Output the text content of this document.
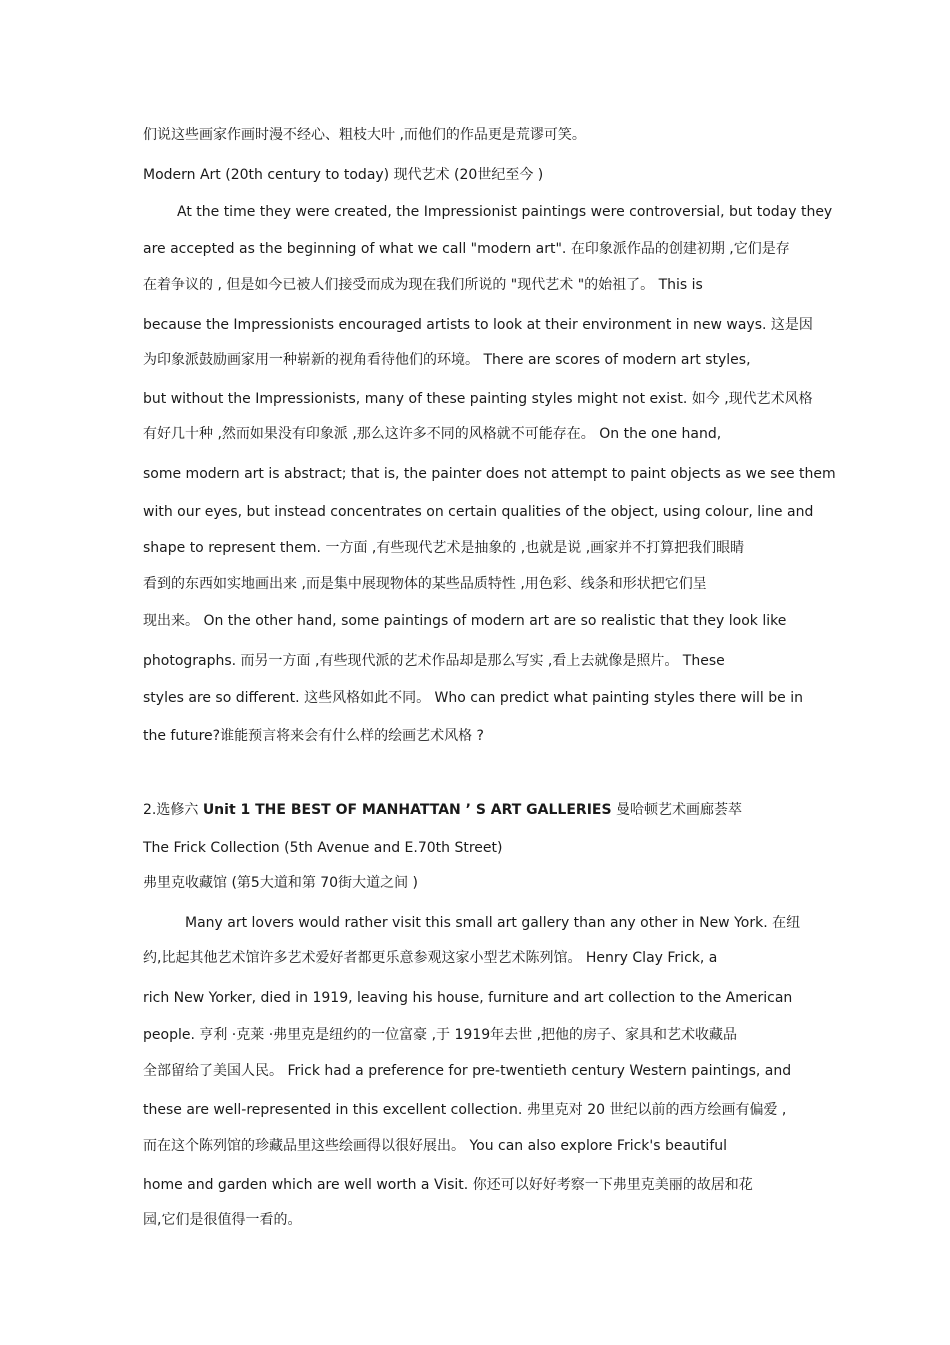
们说这些画家作画时漫不经心、粗枝大叶 ,而他们的作品更是荒谬可笑。
Modern Art (20th century to today) 现代艺术 (20世纪至今 )
At the time they were created, the Impressionist paintings were controversial, but today they
are accepted as the beginning of what we call "modern art". 在印象派作品的创建初期 ,它们是存
在着争议的 , 但是如今已被人们接受而成为现在我们所说的 "现代艺术 "的始祖了。 This is
because the Impressionists encouraged artists to look at their environment in new ways. 这是因
为印象派鼓励画家用一种崭新的视角看待他们的环境。 There are scores of modern art styles,
but without the Impressionists, many of these painting styles might not exist. 如今 ,现代艺术风格
有好几十种 ,然而如果没有印象派 ,那么这许多不同的风格就不可能存在。 On the one hand,
some modern art is abstract; that is, the painter does not attempt to paint objects as we see them
with our eyes, but instead concentrates on certain qualities of the object, using colour, line and
shape to represent them. 一方面 ,有些现代艺术是抽象的 ,也就是说 ,画家并不打算把我们眼睛
看到的东西如实地画出来 ,而是集中展现物体的某些品质特性 ,用色彩、线条和形状把它们呈
现出来。 On the other hand, some paintings of modern art are so realistic that they look like
photographs. 而另一方面 ,有些现代派的艺术作品却是那么写实 ,看上去就像是照片。 These
styles are so different. 这些风格如此不同。 Who can predict what painting styles there will be in
the future?谁能预言将来会有什么样的绘画艺术风格 ?
2.选修六 Unit 1 THE BEST OF MANHATTAN ’ S ART GALLERIES 曼哈顿艺术画廊荟萃
The Frick Collection (5th Avenue and E.70th Street)
弗里克收藏馆 (第5大道和第 70街大道之间 )
Many art lovers would rather visit this small art gallery than any other in New York. 在纽
约,比起其他艺术馆许多艺术爱好者都更乐意参观这家小型艺术陈列馆。 Henry Clay Frick, a
rich New Yorker, died in 1919, leaving his house, furniture and art collection to the American
people. 亨利 ·克莱 ·弗里克是纽约的一位富豪 ,于 1919年去世 ,把他的房子、家具和艺术收藏品
全部留给了美国人民。 Frick had a preference for pre-twentieth century Western paintings, and
these are well-represented in this excellent collection. 弗里克对 20 世纪以前的西方绘画有偏爱 ,
而在这个陈列馆的珍藏品里这些绘画得以很好展出。 You can also explore Frick's beautiful
home and garden which are well worth a Visit. 你还可以好好考察一下弗里克美丽的故居和花
园,它们是很值得一看的。
